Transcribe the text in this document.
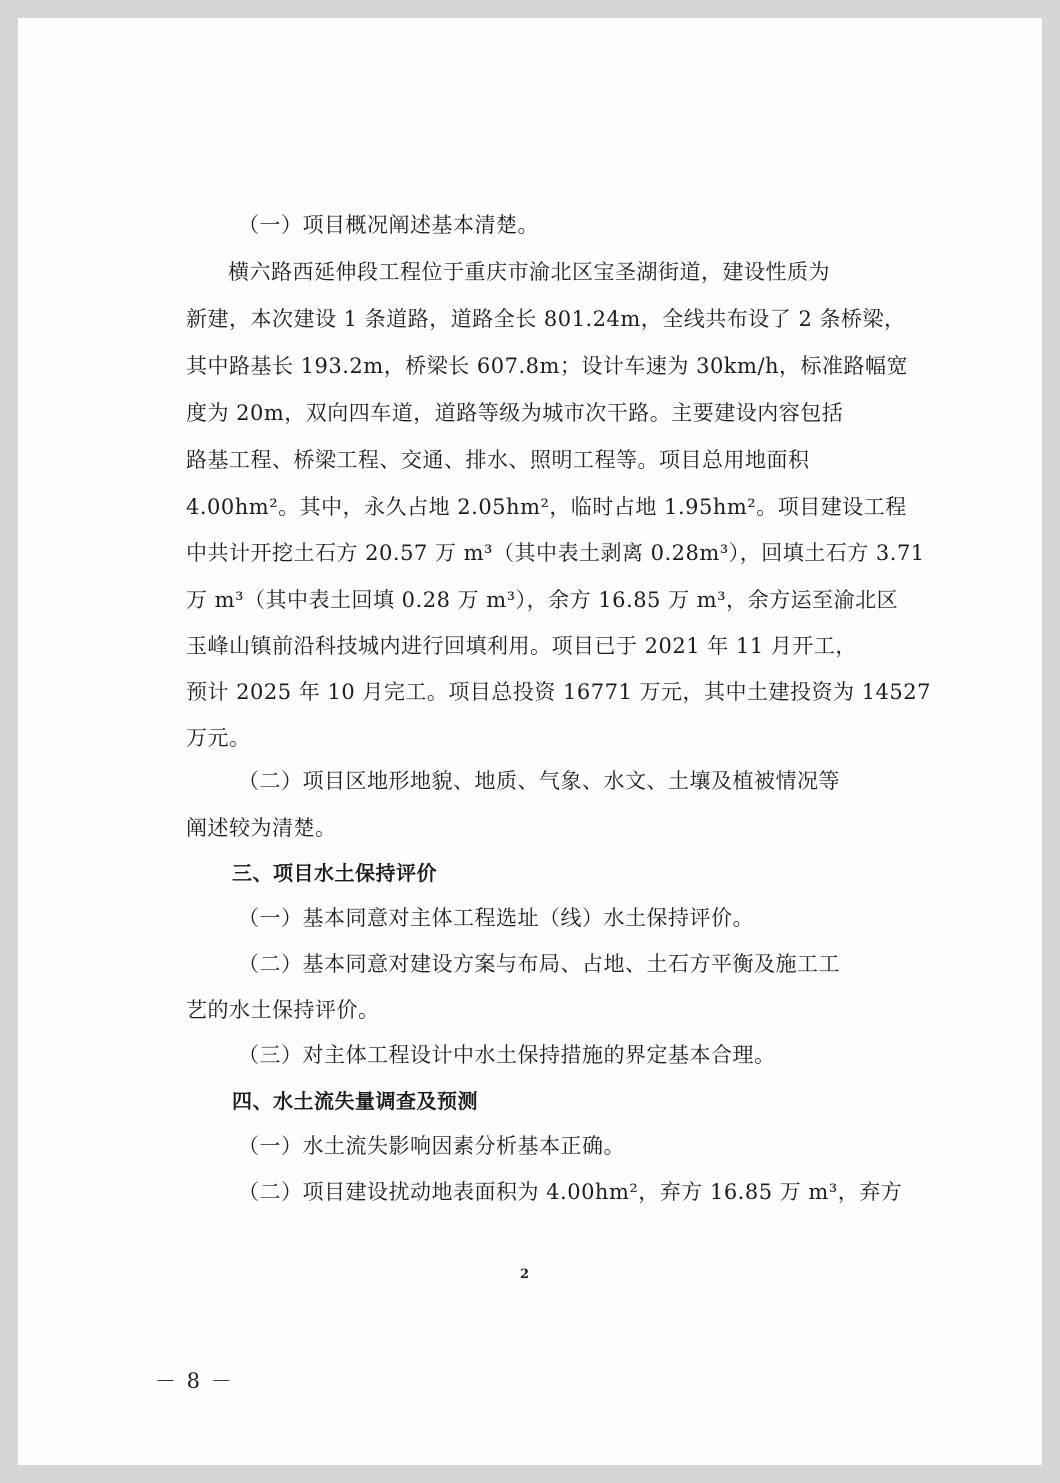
（一）项目概况阐述基本清楚。
横六路西延伸段工程位于重庆市渝北区宝圣湖街道，建设性质为
新建，本次建设 1 条道路，道路全长 801.24m，全线共布设了 2 条桥梁，
其中路基长 193.2m，桥梁长 607.8m；设计车速为 30km/h，标准路幅宽
度为 20m，双向四车道，道路等级为城市次干路。主要建设内容包括
路基工程、桥梁工程、交通、排水、照明工程等。项目总用地面积
4.00hm²。其中，永久占地 2.05hm²，临时占地 1.95hm²。项目建设工程
中共计开挖土石方 20.57 万 m³（其中表土剥离 0.28m³），回填土石方 3.71
万 m³（其中表土回填 0.28 万 m³），余方 16.85 万 m³，余方运至渝北区
玉峰山镇前沿科技城内进行回填利用。项目已于 2021 年 11 月开工，
预计 2025 年 10 月完工。项目总投资 16771 万元，其中土建投资为 14527
万元。
（二）项目区地形地貌、地质、气象、水文、土壤及植被情况等
阐述较为清楚。
三、项目水土保持评价
（一）基本同意对主体工程选址（线）水土保持评价。
（二）基本同意对建设方案与布局、占地、土石方平衡及施工工
艺的水土保持评价。
（三）对主体工程设计中水土保持措施的界定基本合理。
四、水土流失量调查及预测
（一）水土流失影响因素分析基本正确。
（二）项目建设扰动地表面积为 4.00hm²，弃方 16.85 万 m³，弃方
2
－ 8 －
